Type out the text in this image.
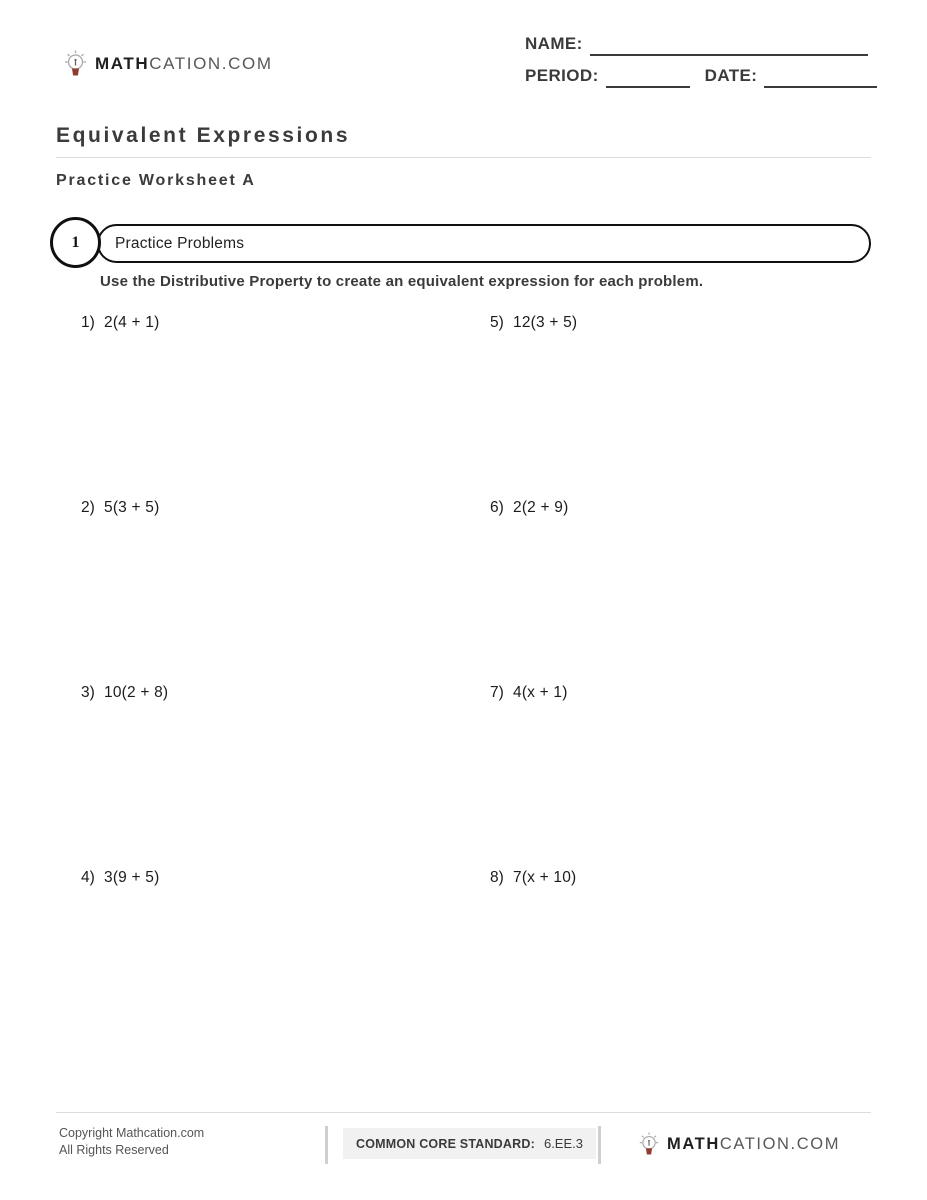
MATHCATION.COM
NAME:
PERIOD:	DATE:
Equivalent Expressions
Practice Worksheet A
Practice Problems
1
Use the Distributive Property to create an equivalent expression for each problem.
1) 2(4 + 1)
2) 5(3 + 5)
3) 10(2 + 8)
4) 3(9 + 5)
5) 12(3 + 5)
6) 2(2 + 9)
7) 4(x + 1)
8) 7(x + 10)
Copyright Mathcation.com
All Rights Reserved	COMMON CORE STANDARD: 6.EE.3	MATHCATION.COM
